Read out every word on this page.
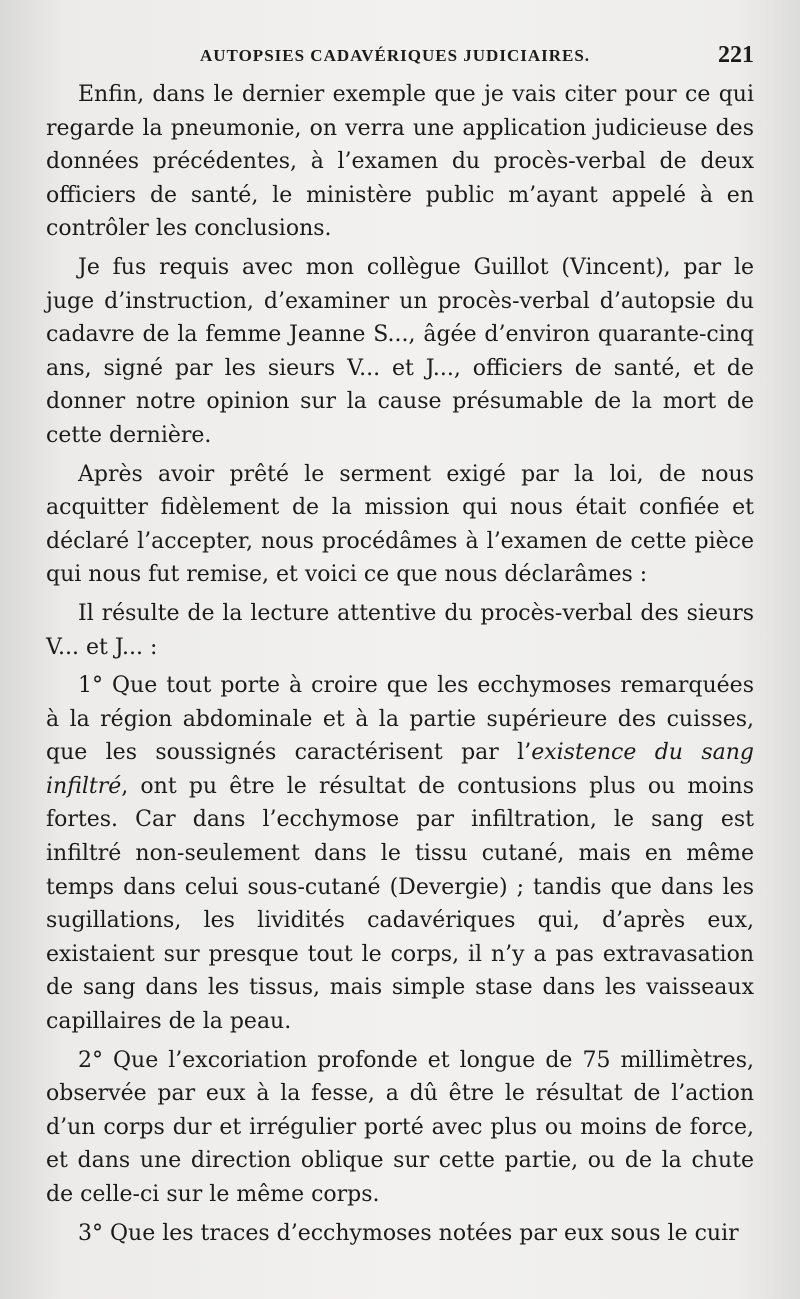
AUTOPSIES CADAVÉRIQUES JUDICIAIRES.	221

Enfin, dans le dernier exemple que je vais citer pour ce qui regarde la pneumonie, on verra une application judicieuse des données précédentes, à l’examen du procès-verbal de deux officiers de santé, le ministère public m’ayant appelé à en contrôler les conclusions.

Je fus requis avec mon collègue Guillot (Vincent), par le juge d’instruction, d’examiner un procès-verbal d’autopsie du cadavre de la femme Jeanne S..., âgée d’environ quarante-cinq ans, signé par les sieurs V... et J..., officiers de santé, et de donner notre opinion sur la cause présumable de la mort de cette dernière.

Après avoir prêté le serment exigé par la loi, de nous acquitter fidèlement de la mission qui nous était confiée et déclaré l’accepter, nous procédâmes à l’examen de cette pièce qui nous fut remise, et voici ce que nous déclarâmes :

Il résulte de la lecture attentive du procès-verbal des sieurs V... et J... :

1° Que tout porte à croire que les ecchymoses remarquées à la région abdominale et à la partie supérieure des cuisses, que les soussignés caractérisent par l’existence du sang infiltré, ont pu être le résultat de contusions plus ou moins fortes. Car dans l’ecchymose par infiltration, le sang est infiltré non-seulement dans le tissu cutané, mais en même temps dans celui sous-cutané (Devergie) ; tandis que dans les sugillations, les lividités cadavériques qui, d’après eux, existaient sur presque tout le corps, il n’y a pas extravasation de sang dans les tissus, mais simple stase dans les vaisseaux capillaires de la peau.

2° Que l’excoriation profonde et longue de 75 millimètres, observée par eux à la fesse, a dû être le résultat de l’action d’un corps dur et irrégulier porté avec plus ou moins de force, et dans une direction oblique sur cette partie, ou de la chute de celle-ci sur le même corps.

3° Que les traces d’ecchymoses notées par eux sous le cuir
